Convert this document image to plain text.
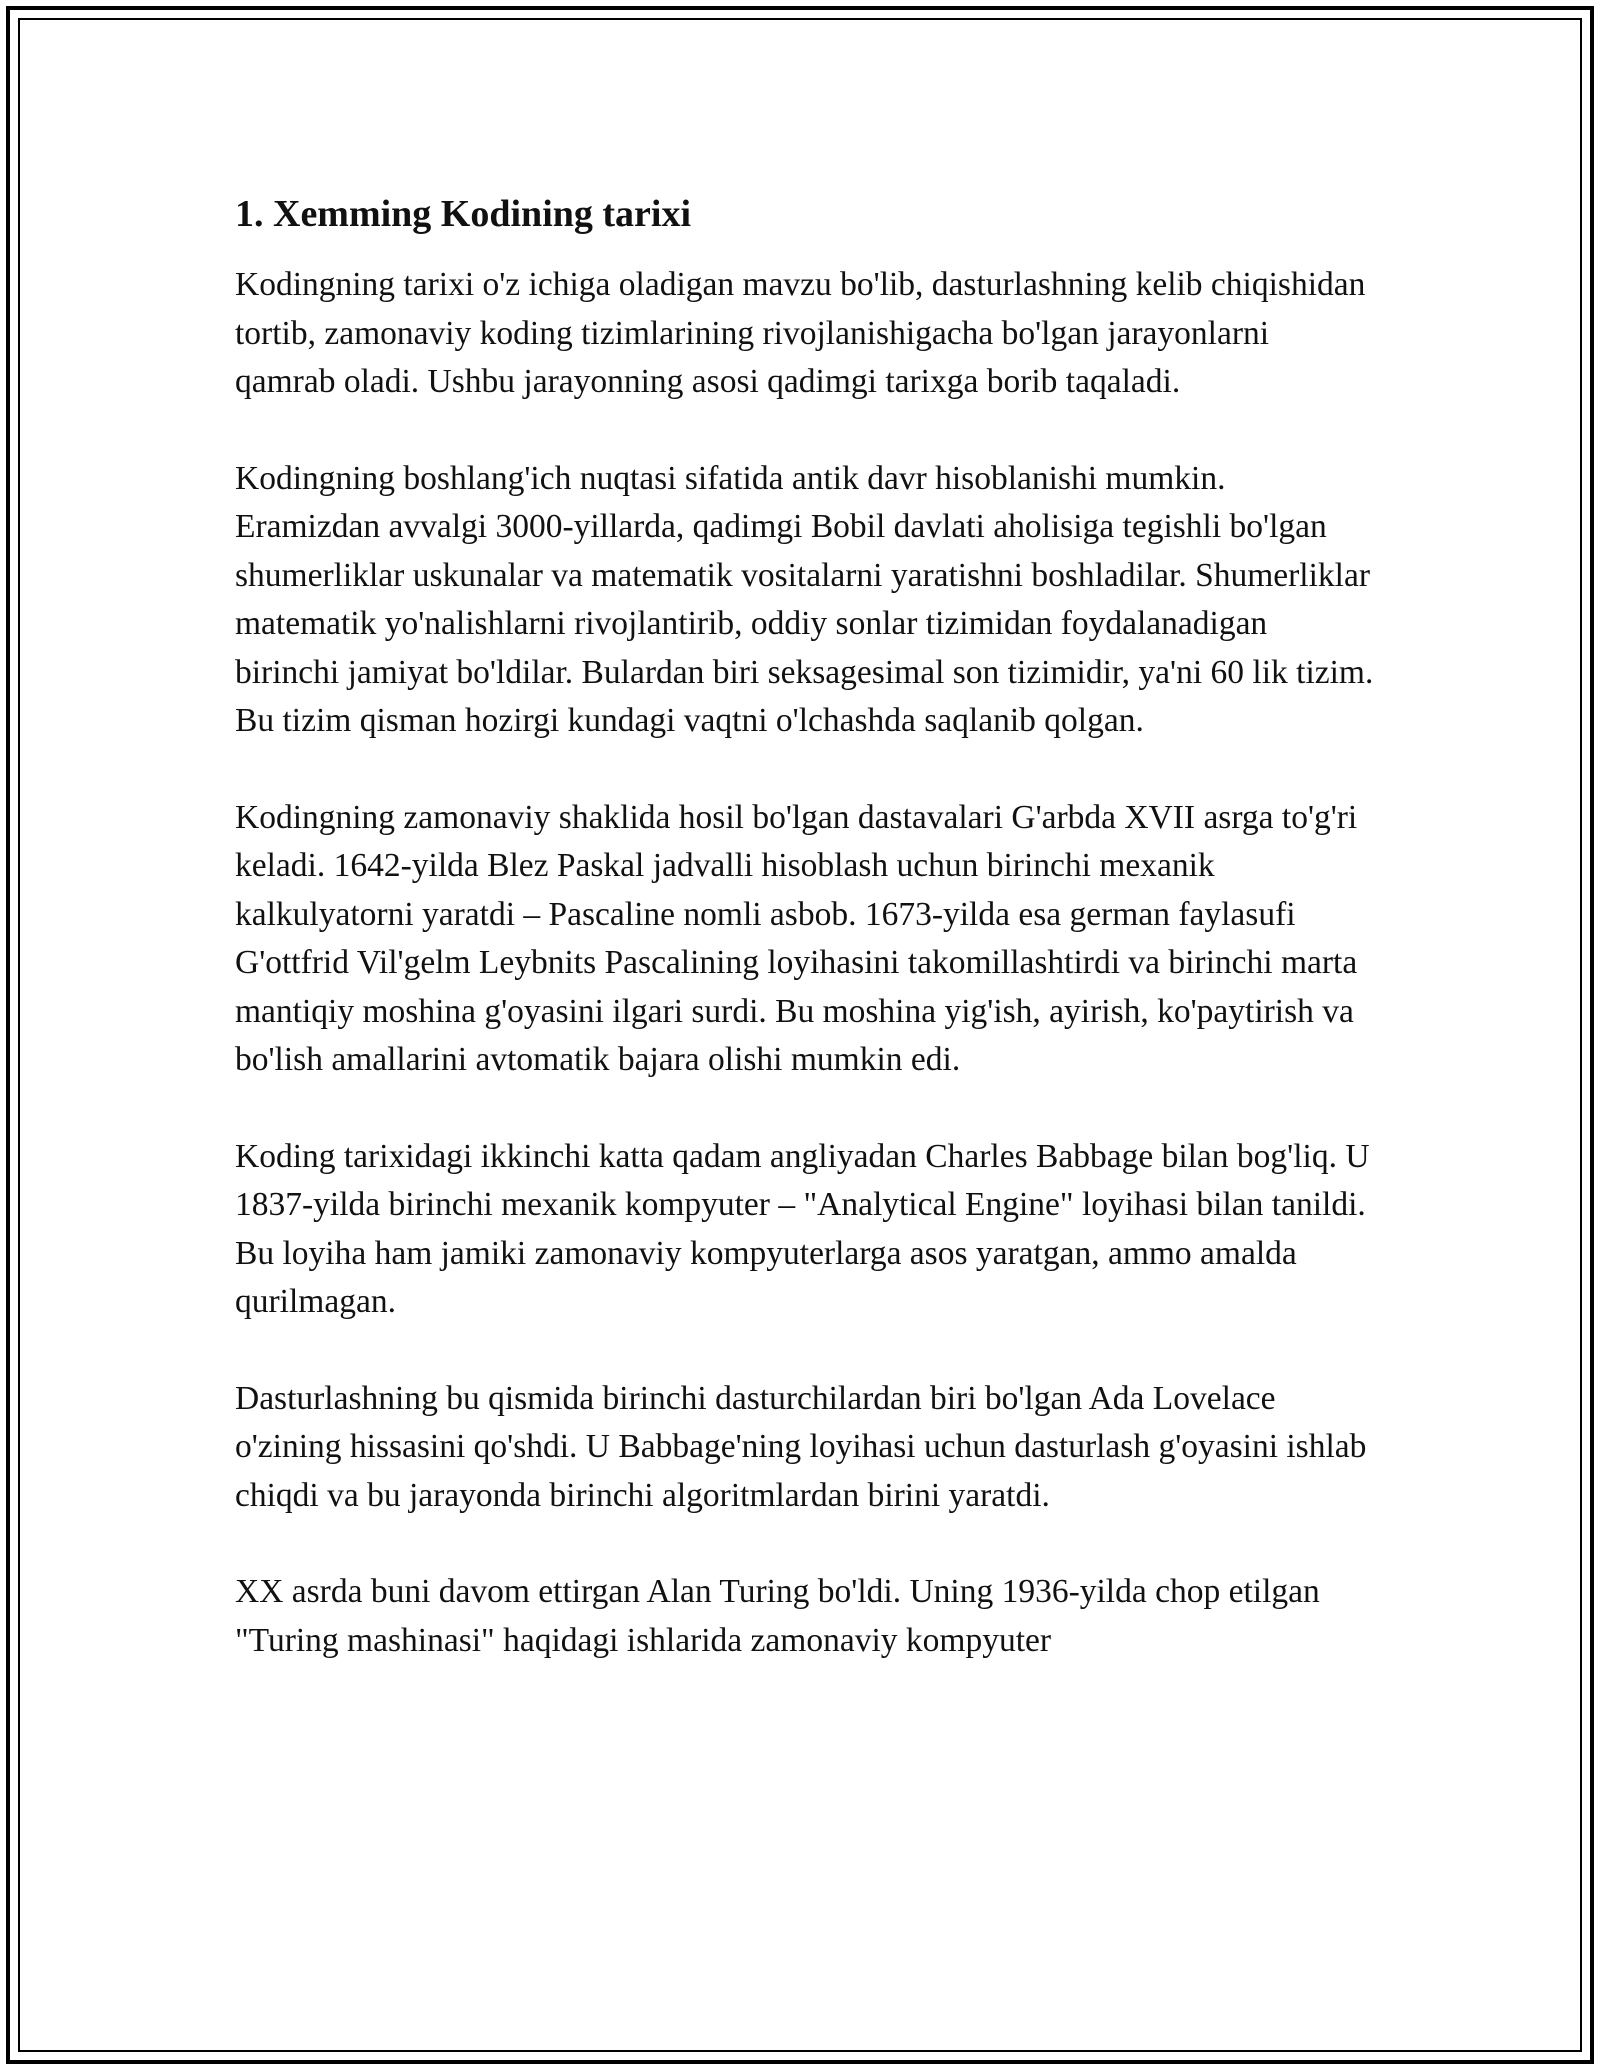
1. Xemming Kodining tarixi

Kodingning tarixi o'z ichiga oladigan mavzu bo'lib, dasturlashning kelib chiqishidan tortib, zamonaviy koding tizimlarining rivojlanishigacha bo'lgan jarayonlarni qamrab oladi. Ushbu jarayonning asosi qadimgi tarixga borib taqaladi.

Kodingning boshlang'ich nuqtasi sifatida antik davr hisoblanishi mumkin. Eramizdan avvalgi 3000-yillarda, qadimgi Bobil davlati aholisiga tegishli bo'lgan shumerliklar uskunalar va matematik vositalarni yaratishni boshladilar. Shumerliklar matematik yo'nalishlarni rivojlantirib, oddiy sonlar tizimidan foydalanadigan birinchi jamiyat bo'ldilar. Bulardan biri seksagesimal son tizimidir, ya'ni 60 lik tizim. Bu tizim qisman hozirgi kundagi vaqtni o'lchashda saqlanib qolgan.

Kodingning zamonaviy shaklida hosil bo'lgan dastavalari G'arbda XVII asrga to'g'ri keladi. 1642-yilda Blez Paskal jadvalli hisoblash uchun birinchi mexanik kalkulyatorni yaratdi – Pascaline nomli asbob. 1673-yilda esa german faylasufi G'ottfrid Vil'gelm Leybnits Pascalining loyihasini takomillashtirdi va birinchi marta mantiqiy moshina g'oyasini ilgari surdi. Bu moshina yig'ish, ayirish, ko'paytirish va bo'lish amallarini avtomatik bajara olishi mumkin edi.

Koding tarixidagi ikkinchi katta qadam angliyadan Charles Babbage bilan bog'liq. U 1837-yilda birinchi mexanik kompyuter – "Analytical Engine" loyihasi bilan tanildi. Bu loyiha ham jamiki zamonaviy kompyuterlarga asos yaratgan, ammo amalda qurilmagan.

Dasturlashning bu qismida birinchi dasturchilardan biri bo'lgan Ada Lovelace o'zining hissasini qo'shdi. U Babbage'ning loyihasi uchun dasturlash g'oyasini ishlab chiqdi va bu jarayonda birinchi algoritmlardan birini yaratdi.

XX asrda buni davom ettirgan Alan Turing bo'ldi. Uning 1936-yilda chop etilgan "Turing mashinasi" haqidagi ishlarida zamonaviy kompyuter
